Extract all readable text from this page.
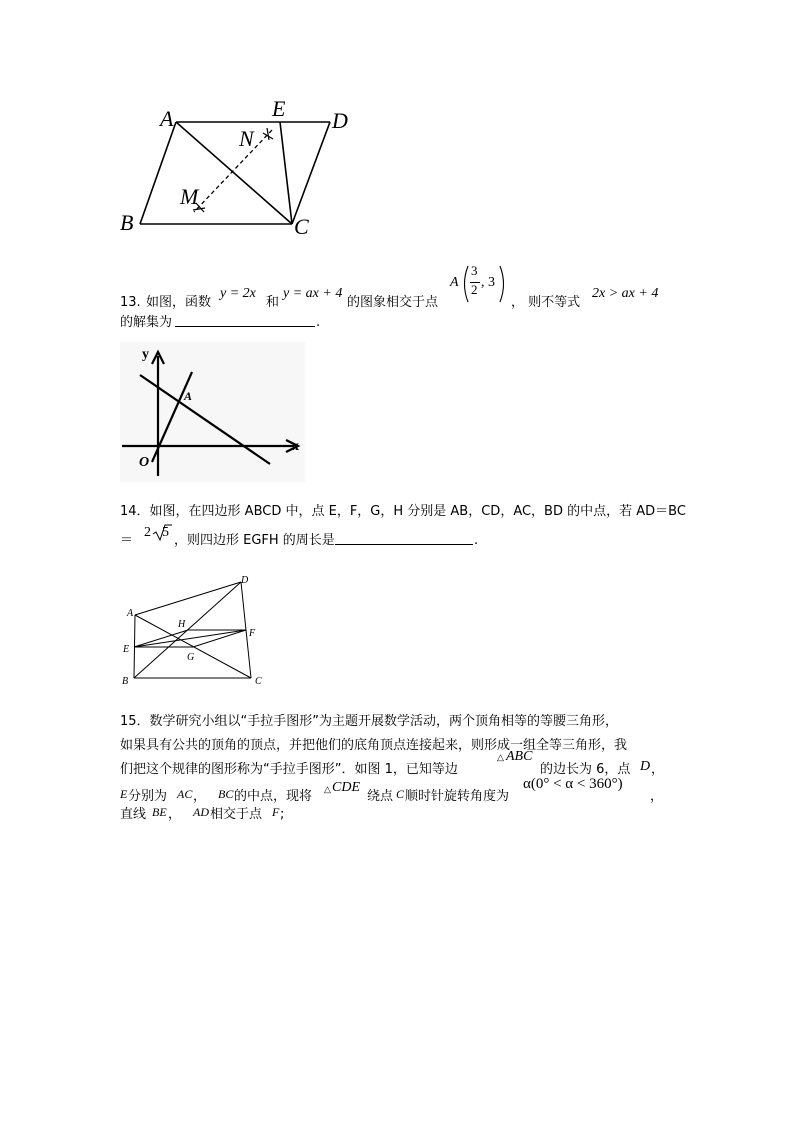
A	E D
N
M
B	C
13. 如图，函数
y = 2x
和
y = ax + 4
的图象相交于点
A
3
2 , 3
， 则不等式
2x > ax + 4
的解集为	.
y
x
A
O
14．如图，在四边形 ABCD 中，点 E，F，G，H 分别是 AB，CD，AC，BD 的中点，若 AD＝BC
＝
2 5
，则四边形 EGFH 的周长是	.
A
D
H
F
E
G
B	C
15．数学研究小组以“手拉手图形”为主题开展数学活动，两个顶角相等的等腰三角形，
如果具有公共的顶角的顶点，并把他们的底角顶点连接起来，则形成一组全等三角形，我
们把这个规律的图形称为“手拉手图形”．如图 1，已知等边
△ ABC
的边长为 6，点 D ，
E 分别为 AC ， BC 的中点，现将 △ CDE
绕点 C 顺时针旋转角度为
α(0° < α < 360°)
，
直线 BE ， AD 相交于点 F ;
